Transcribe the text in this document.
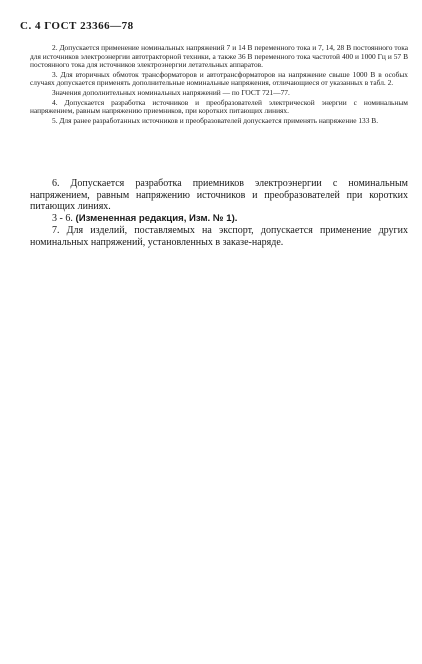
С. 4 ГОСТ 23366—78

2. Допускается применение номинальных напряжений 7 и 14 В переменного тока и 7, 14, 28 В постоянного тока для источников электроэнергии автотракторной техники, а также 36 В переменного тока частотой 400 и 1000 Гц и 57 В постоянного тока для источников электроэнергии летательных аппаратов.

3. Для вторичных обмоток трансформаторов и автотрансформаторов на напряжение свыше 1000 В в особых случаях допускается применять дополнительные номинальные напряжения, отличающиеся от указанных в табл. 2.

Значения дополнительных номинальных напряжений — по ГОСТ 721—77.

4. Допускается разработка источников и преобразователей электрической энергии с номинальным напряжением, равным напряжению приемников, при коротких питающих линиях.

5. Для ранее разработанных источников и преобразователей допускается применять напряжение 133 В.

6. Допускается разработка приемников электроэнергии с номинальным напряжением, равным напряжению источников и преобразователей при коротких питающих линиях.

3 - 6. (Измененная редакция, Изм. № 1).

7. Для изделий, поставляемых на экспорт, допускается применение других номинальных напряжений, установленных в заказе-наряде.
